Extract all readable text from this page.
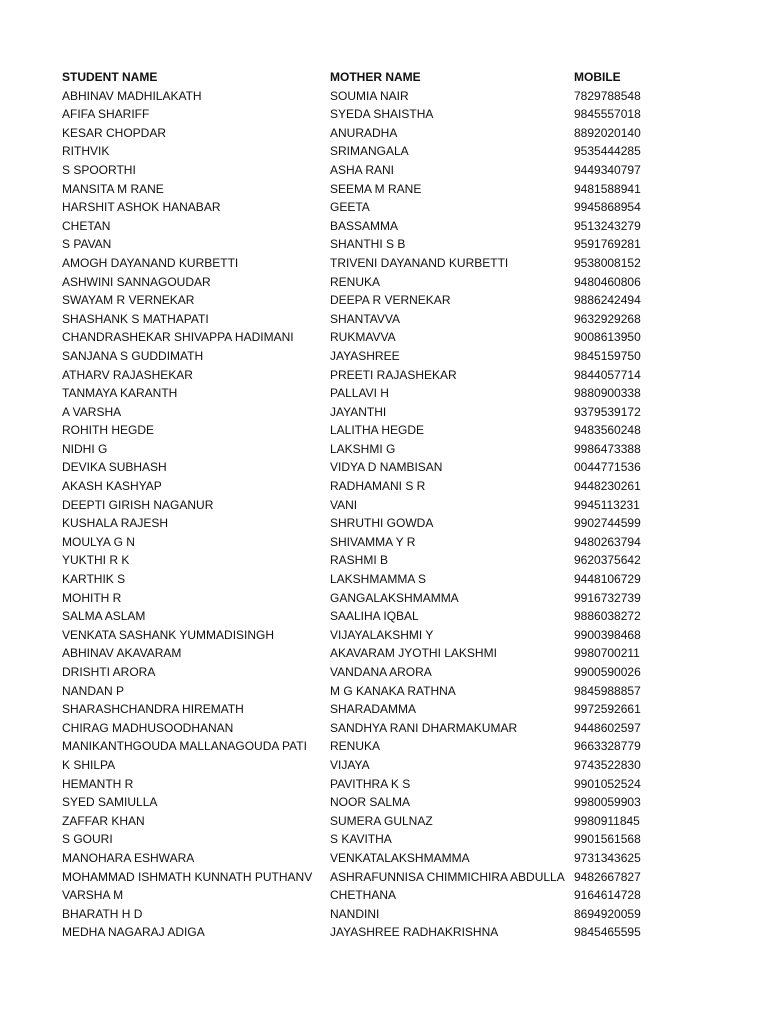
STUDENT NAME	MOTHER NAME	MOBILE
ABHINAV MADHILAKATH	SOUMIA NAIR	7829788548
AFIFA SHARIFF	SYEDA SHAISTHA	9845557018
KESAR CHOPDAR	ANURADHA	8892020140
RITHVIK	SRIMANGALA	9535444285
S SPOORTHI	ASHA RANI	9449340797
MANSITA M RANE	SEEMA M RANE	9481588941
HARSHIT ASHOK HANABAR	GEETA	9945868954
CHETAN	BASSAMMA	9513243279
S PAVAN	SHANTHI S B	9591769281
AMOGH DAYANAND KURBETTI	TRIVENI DAYANAND KURBETTI	9538008152
ASHWINI SANNAGOUDAR	RENUKA	9480460806
SWAYAM R VERNEKAR	DEEPA R VERNEKAR	9886242494
SHASHANK S MATHAPATI	SHANTAVVA	9632929268
CHANDRASHEKAR SHIVAPPA HADIMANI	RUKMAVVA	9008613950
SANJANA S GUDDIMATH	JAYASHREE	9845159750
ATHARV RAJASHEKAR	PREETI RAJASHEKAR	9844057714
TANMAYA KARANTH	PALLAVI H	9880900338
A VARSHA	JAYANTHI	9379539172
ROHITH HEGDE	LALITHA HEGDE	9483560248
NIDHI G	LAKSHMI G	9986473388
DEVIKA SUBHASH	VIDYA D NAMBISAN	0044771536
AKASH KASHYAP	RADHAMANI S R	9448230261
DEEPTI GIRISH NAGANUR	VANI	9945113231
KUSHALA RAJESH	SHRUTHI GOWDA	9902744599
MOULYA G N	SHIVAMMA Y R	9480263794
YUKTHI R K	RASHMI B	9620375642
KARTHIK S	LAKSHMAMMA S	9448106729
MOHITH R	GANGALAKSHMAMMA	9916732739
SALMA ASLAM	SAALIHA IQBAL	9886038272
VENKATA SASHANK YUMMADISINGH	VIJAYALAKSHMI Y	9900398468
ABHINAV AKAVARAM	AKAVARAM JYOTHI LAKSHMI	9980700211
DRISHTI ARORA	VANDANA ARORA	9900590026
NANDAN P	M G KANAKA RATHNA	9845988857
SHARASHCHANDRA HIREMATH	SHARADAMMA	9972592661
CHIRAG MADHUSOODHANAN	SANDHYA RANI DHARMAKUMAR	9448602597
MANIKANTHGOUDA MALLANAGOUDA PATI	RENUKA	9663328779
K SHILPA	VIJAYA	9743522830
HEMANTH R	PAVITHRA K S	9901052524
SYED SAMIULLA	NOOR SALMA	9980059903
ZAFFAR KHAN	SUMERA GULNAZ	9980911845
S GOURI	S KAVITHA	9901561568
MANOHARA ESHWARA	VENKATALAKSHMAMMA	9731343625
MOHAMMAD ISHMATH KUNNATH PUTHANV	ASHRAFUNNISA CHIMMICHIRA ABDULLA	9482667827
VARSHA M	CHETHANA	9164614728
BHARATH H D	NANDINI	8694920059
MEDHA NAGARAJ ADIGA	JAYASHREE RADHAKRISHNA	9845465595
